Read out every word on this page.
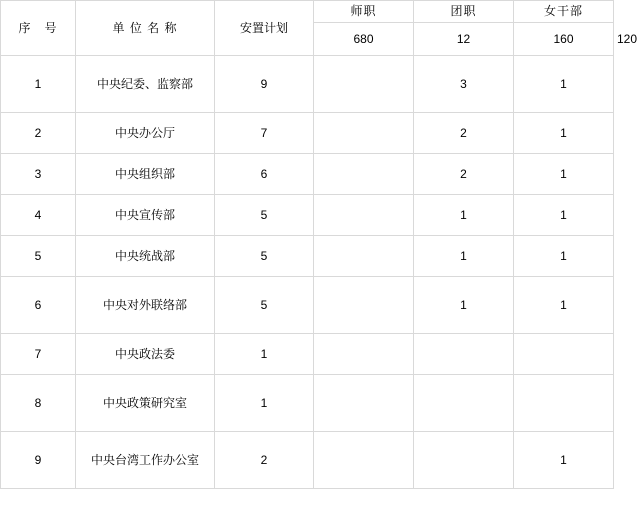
序　号	单 位 名 称	安置计划	师职	团职	女干部	
			680	12	160	120
1	中央纪委、监察部	9		3	1	
2	中央办公厅	7		2	1	
3	中央组织部	6		2	1	
4	中央宣传部	5		1	1	
5	中央统战部	5		1	1	
6	中央对外联络部	5		1	1	
7	中央政法委	1				
8	中央政策研究室	1				
9	中央台湾工作办公室	2			1	
